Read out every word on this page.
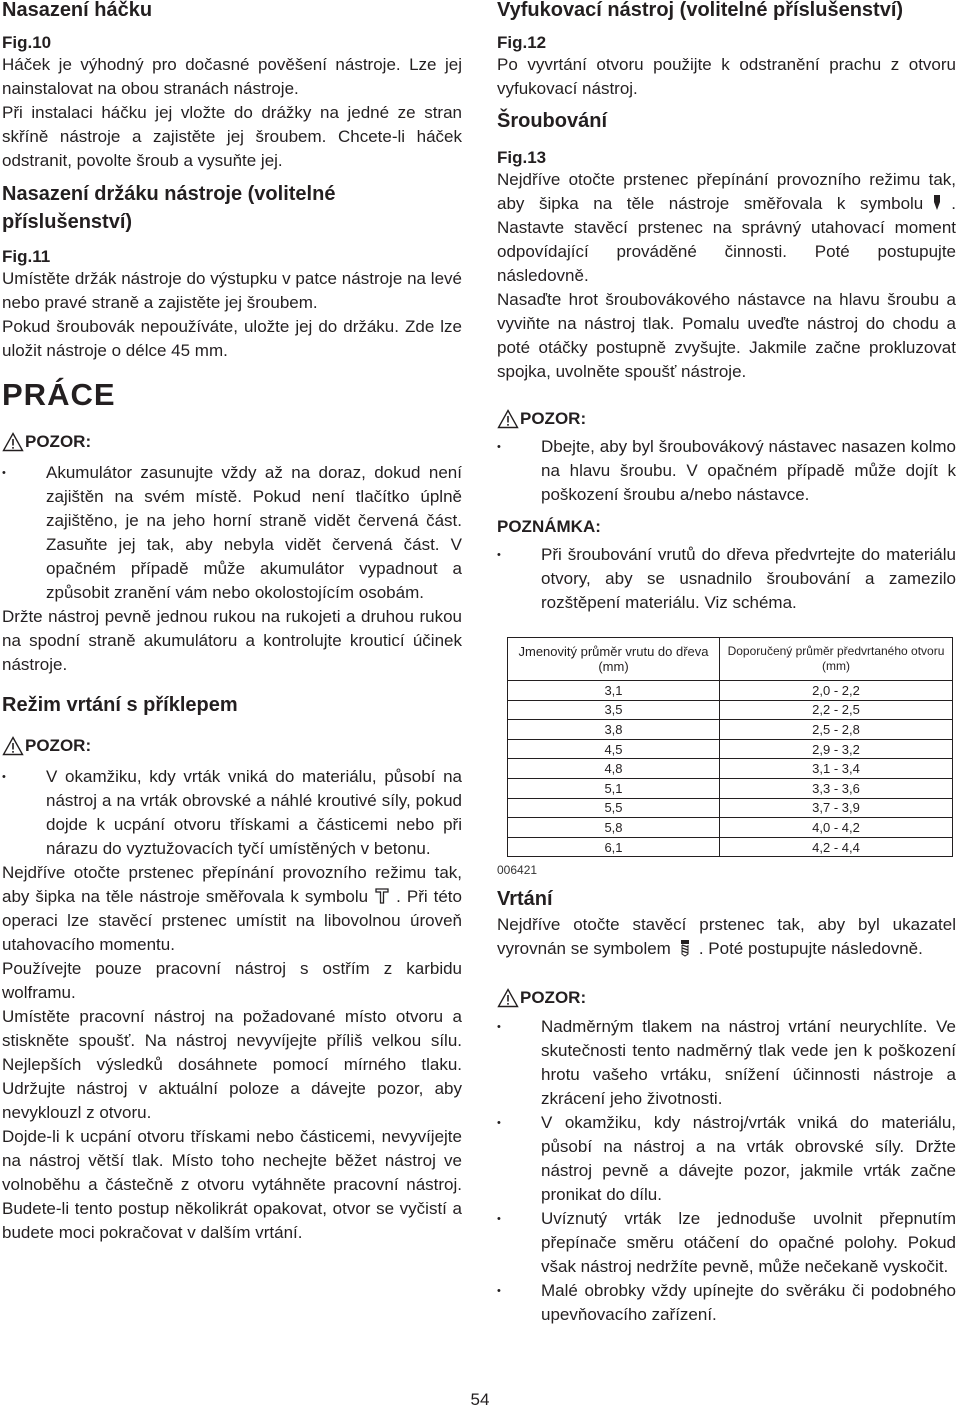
Nasazení háčku
Fig.10

Háček je výhodný pro dočasné pověšení nástroje. Lze jej nainstalovat na obou stranách nástroje.

Při instalaci háčku jej vložte do drážky na jedné ze stran skříně nástroje a zajistěte jej šroubem. Chcete-li háček odstranit, povolte šroub a vysuňte jej.

Nasazení držáku nástroje (volitelné příslušenství)
Fig.11

Umístěte držák nástroje do výstupku v patce nástroje na levé nebo pravé straně a zajistěte jej šroubem.

Pokud šroubovák nepoužíváte, uložte jej do držáku. Zde lze uložit nástroje o délce 45 mm.

PRÁCE
POZOR:
• Akumulátor zasunujte vždy až na doraz, dokud není zajištěn na svém místě. Pokud není tlačítko úplně zajištěno, je na jeho horní straně vidět červená část. Zasuňte jej tak, aby nebyla vidět červená část. V opačném případě může akumulátor vypadnout a způsobit zranění vám nebo okolostojícím osobám.

Držte nástroj pevně jednou rukou na rukojeti a druhou rukou na spodní straně akumulátoru a kontrolujte krouticí účinek nástroje.

Režim vrtání s příklepem
POZOR:
• V okamžiku, kdy vrták vniká do materiálu, působí na nástroj a na vrták obrovské a náhlé kroutivé síly, pokud dojde k ucpání otvoru třískami a částicemi nebo při nárazu do vyztužovacích tyčí umístěných v betonu.

Nejdříve otočte prstenec přepínání provozního režimu tak, aby šipka na těle nástroje směřovala k symbolu . Při této operaci lze stavěcí prstenec umístit na libovolnou úroveň utahovacího momentu.

Používejte pouze pracovní nástroj s ostřím z karbidu wolframu.

Umístěte pracovní nástroj na požadované místo otvoru a stiskněte spoušť. Na nástroj nevyvíjejte příliš velkou sílu. Nejlepších výsledků dosáhnete pomocí mírného tlaku. Udržujte nástroj v aktuální poloze a dávejte pozor, aby nevyklouzl z otvoru.

Dojde-li k ucpání otvoru třískami nebo částicemi, nevyvíjejte na nástroj větší tlak. Místo toho nechejte běžet nástroj ve volnoběhu a částečně z otvoru vytáhněte pracovní nástroj. Budete-li tento postup několikrát opakovat, otvor se vyčistí a budete moci pokračovat v dalším vrtání.

Vyfukovací nástroj (volitelné příslušenství)
Fig.12

Po vyvrtání otvoru použijte k odstranění prachu z otvoru vyfukovací nástroj.

Šroubování
Fig.13

Nejdříve otočte prstenec přepínání provozního režimu tak, aby šipka na těle nástroje směřovala k symbolu . Nastavte stavěcí prstenec na správný utahovací moment odpovídající prováděné činnosti. Poté postupujte následovně.

Nasaďte hrot šroubovákového nástavce na hlavu šroubu a vyviňte na nástroj tlak. Pomalu uveďte nástroj do chodu a poté otáčky postupně zvyšujte. Jakmile začne prokluzovat spojka, uvolněte spoušť nástroje.

POZOR:
• Dbejte, aby byl šroubovákový nástavec nasazen kolmo na hlavu šroubu. V opačném případě může dojít k poškození šroubu a/nebo nástavce.
POZNÁMKA:
• Při šroubování vrutů do dřeva předvrtejte do materiálu otvory, aby se usnadnilo šroubování a zamezilo rozštěpení materiálu. Viz schéma.
Jmenovitý průměr vrutu do dřeva (mm)	Doporučený průměr předvrtaného otvoru (mm)
3,1	2,0 - 2,2
3,5	2,2 - 2,5
3,8	2,5 - 2,8
4,5	2,9 - 3,2
4,8	3,1 - 3,4
5,1	3,3 - 3,6
5,5	3,7 - 3,9
5,8	4,0 - 4,2
6,1	4,2 - 4,4
006421
Vrtání

Nejdříve otočte stavěcí prstenec tak, aby byl ukazatel vyrovnán se symbolem . Poté postupujte následovně.

POZOR:
• Nadměrným tlakem na nástroj vrtání neurychlíte. Ve skutečnosti tento nadměrný tlak vede jen k poškození hrotu vašeho vrtáku, snížení účinnosti nástroje a zkrácení jeho životnosti.
• V okamžiku, kdy nástroj/vrták vniká do materiálu, působí na nástroj a na vrták obrovské síly. Držte nástroj pevně a dávejte pozor, jakmile vrták začne pronikat do dílu.
• Uvíznutý vrták lze jednoduše uvolnit přepnutím přepínače směru otáčení do opačné polohy. Pokud však nástroj nedržíte pevně, může nečekaně vyskočit.
• Malé obrobky vždy upínejte do svěráku či podobného upevňovacího zařízení.
54
